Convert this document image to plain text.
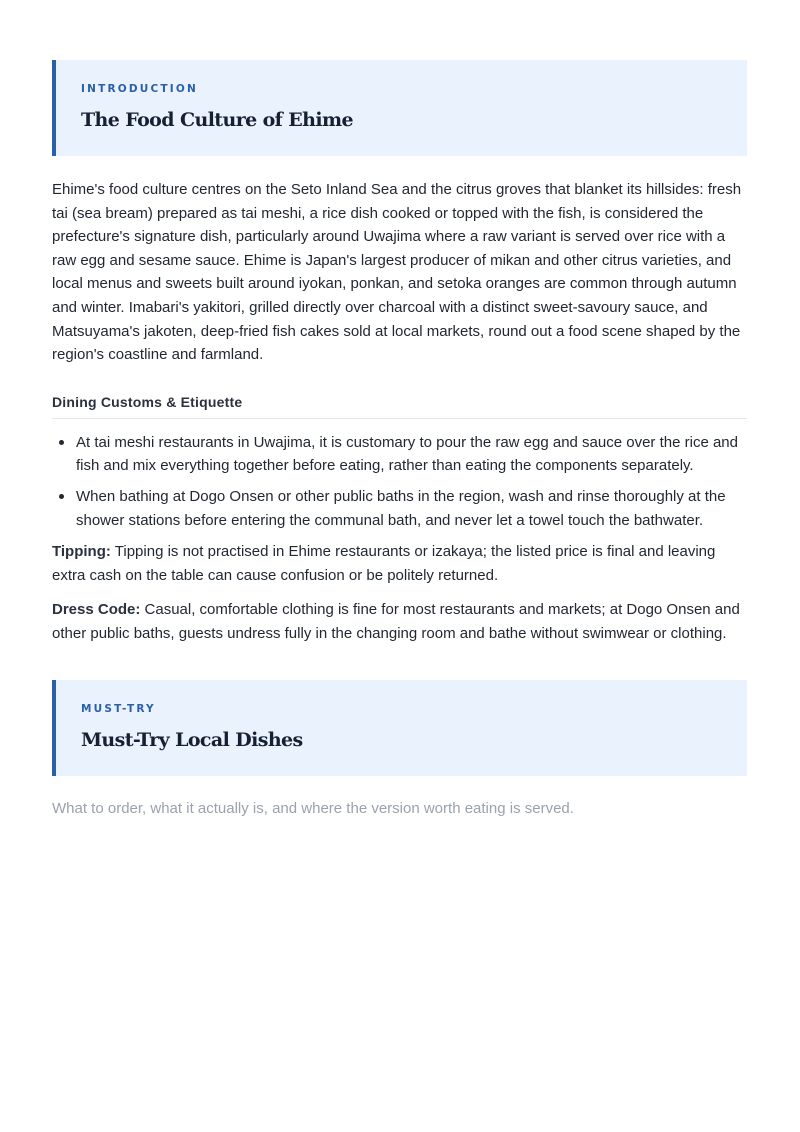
INTRODUCTION

The Food Culture of Ehime

Ehime's food culture centres on the Seto Inland Sea and the citrus groves that blanket its hillsides: fresh tai (sea bream) prepared as tai meshi, a rice dish cooked or topped with the fish, is considered the prefecture's signature dish, particularly around Uwajima where a raw variant is served over rice with a raw egg and sesame sauce. Ehime is Japan's largest producer of mikan and other citrus varieties, and local menus and sweets built around iyokan, ponkan, and setoka oranges are common through autumn and winter. Imabari's yakitori, grilled directly over charcoal with a distinct sweet-savoury sauce, and Matsuyama's jakoten, deep-fried fish cakes sold at local markets, round out a food scene shaped by the region's coastline and farmland.

Dining Customs & Etiquette
At tai meshi restaurants in Uwajima, it is customary to pour the raw egg and sauce over the rice and fish and mix everything together before eating, rather than eating the components separately.
When bathing at Dogo Onsen or other public baths in the region, wash and rinse thoroughly at the shower stations before entering the communal bath, and never let a towel touch the bathwater.

Tipping: Tipping is not practised in Ehime restaurants or izakaya; the listed price is final and leaving extra cash on the table can cause confusion or be politely returned.

Dress Code: Casual, comfortable clothing is fine for most restaurants and markets; at Dogo Onsen and other public baths, guests undress fully in the changing room and bathe without swimwear or clothing.

MUST-TRY

Must-Try Local Dishes

What to order, what it actually is, and where the version worth eating is served.
